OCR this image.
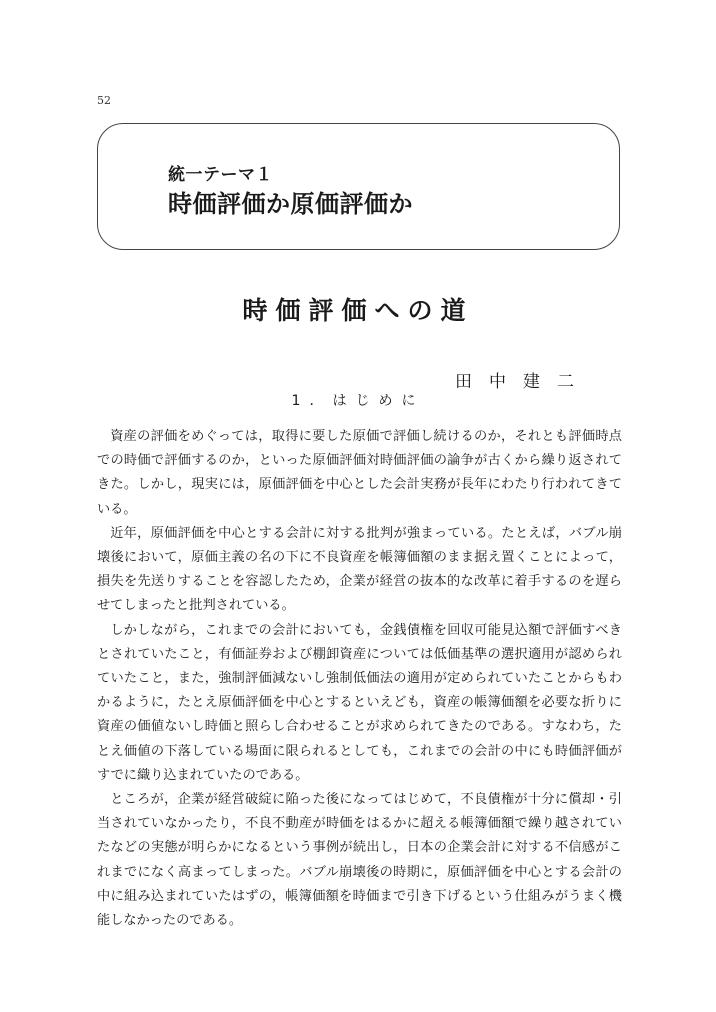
52
統一テーマ１
時価評価か原価評価か
時価評価への道
田　中　建　二
1．はじめに

資産の評価をめぐっては，取得に要した原価で評価し続けるのか，それとも評価時点での時価で評価するのか，といった原価評価対時価評価の論争が古くから繰り返されてきた。しかし，現実には，原価評価を中心とした会計実務が長年にわたり行われてきている。

近年，原価評価を中心とする会計に対する批判が強まっている。たとえば，バブル崩壊後において，原価主義の名の下に不良資産を帳簿価額のまま据え置くことによって，損失を先送りすることを容認したため，企業が経営の抜本的な改革に着手するのを遅らせてしまったと批判されている。

しかしながら，これまでの会計においても，金銭債権を回収可能見込額で評価すべきとされていたこと，有価証券および棚卸資産については低価基準の選択適用が認められていたこと，また，強制評価減ないし強制低価法の適用が定められていたことからもわかるように，たとえ原価評価を中心とするといえども，資産の帳簿価額を必要な折りに資産の価値ないし時価と照らし合わせることが求められてきたのである。すなわち，たとえ価値の下落している場面に限られるとしても，これまでの会計の中にも時価評価がすでに織り込まれていたのである。

ところが，企業が経営破綻に陥った後になってはじめて，不良債権が十分に償却・引当されていなかったり，不良不動産が時価をはるかに超える帳簿価額で繰り越されていたなどの実態が明らかになるという事例が続出し，日本の企業会計に対する不信感がこれまでになく高まってしまった。バブル崩壊後の時期に，原価評価を中心とする会計の中に組み込まれていたはずの，帳簿価額を時価まで引き下げるという仕組みがうまく機能しなかったのである。
